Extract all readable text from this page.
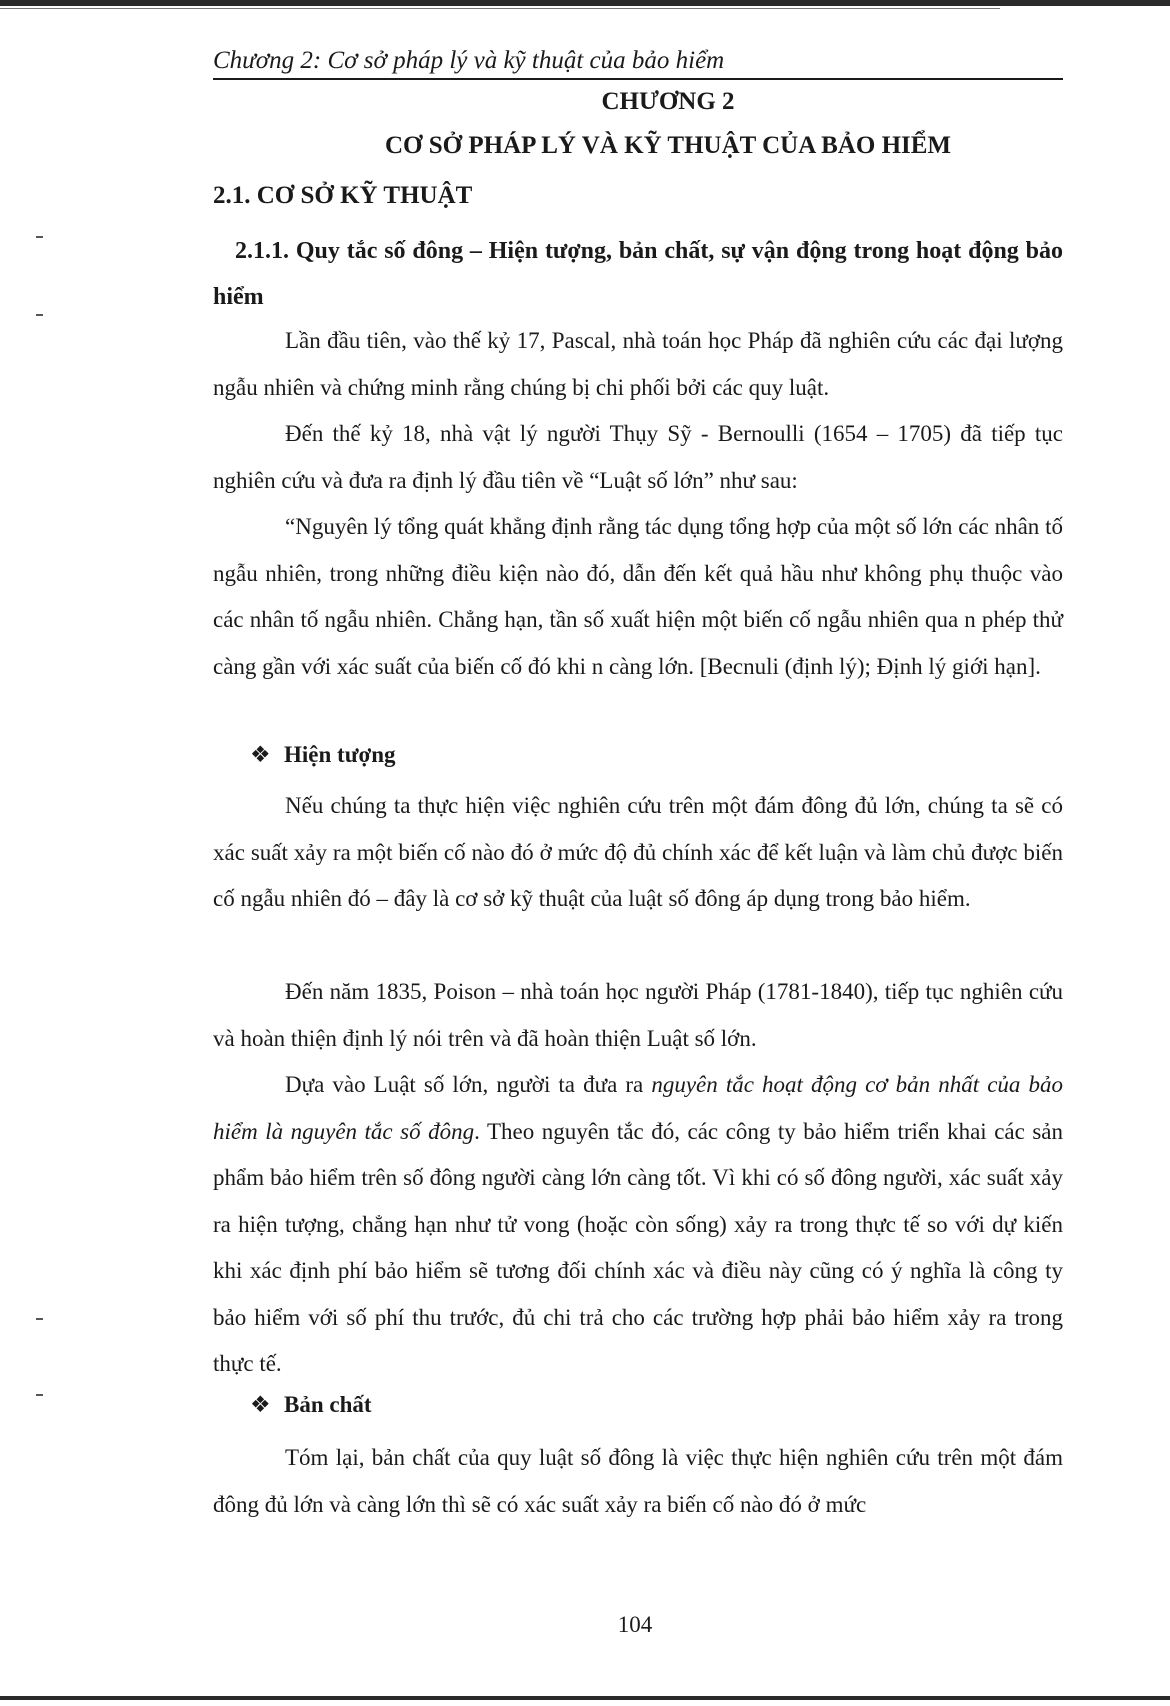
Chương 2: Cơ sở pháp lý và kỹ thuật của bảo hiểm
CHƯƠNG 2
CƠ SỞ PHÁP LÝ VÀ KỸ THUẬT CỦA BẢO HIỂM
2.1. CƠ SỞ KỸ THUẬT
2.1.1. Quy tắc số đông – Hiện tượng, bản chất, sự vận động trong hoạt động bảo hiểm

Lần đầu tiên, vào thế kỷ 17, Pascal, nhà toán học Pháp đã nghiên cứu các đại lượng ngẫu nhiên và chứng minh rằng chúng bị chi phối bởi các quy luật.

Đến thế kỷ 18, nhà vật lý người Thụy Sỹ - Bernoulli (1654 – 1705) đã tiếp tục nghiên cứu và đưa ra định lý đầu tiên về “Luật số lớn” như sau:

“Nguyên lý tổng quát khẳng định rằng tác dụng tổng hợp của một số lớn các nhân tố ngẫu nhiên, trong những điều kiện nào đó, dẫn đến kết quả hầu như không phụ thuộc vào các nhân tố ngẫu nhiên. Chẳng hạn, tần số xuất hiện một biến cố ngẫu nhiên qua n phép thử càng gần với xác suất của biến cố đó khi n càng lớn. [Becnuli (định lý); Định lý giới hạn].

❖ Hiện tượng

Nếu chúng ta thực hiện việc nghiên cứu trên một đám đông đủ lớn, chúng ta sẽ có xác suất xảy ra một biến cố nào đó ở mức độ đủ chính xác để kết luận và làm chủ được biến cố ngẫu nhiên đó – đây là cơ sở kỹ thuật của luật số đông áp dụng trong bảo hiểm.

Đến năm 1835, Poison – nhà toán học người Pháp (1781-1840), tiếp tục nghiên cứu và hoàn thiện định lý nói trên và đã hoàn thiện Luật số lớn.

Dựa vào Luật số lớn, người ta đưa ra nguyên tắc hoạt động cơ bản nhất của bảo hiểm là nguyên tắc số đông. Theo nguyên tắc đó, các công ty bảo hiểm triển khai các sản phẩm bảo hiểm trên số đông người càng lớn càng tốt. Vì khi có số đông người, xác suất xảy ra hiện tượng, chẳng hạn như tử vong (hoặc còn sống) xảy ra trong thực tế so với dự kiến khi xác định phí bảo hiểm sẽ tương đối chính xác và điều này cũng có ý nghĩa là công ty bảo hiểm với số phí thu trước, đủ chi trả cho các trường hợp phải bảo hiểm xảy ra trong thực tế.

❖ Bản chất

Tóm lại, bản chất của quy luật số đông là việc thực hiện nghiên cứu trên một đám đông đủ lớn và càng lớn thì sẽ có xác suất xảy ra biến cố nào đó ở mức

104
